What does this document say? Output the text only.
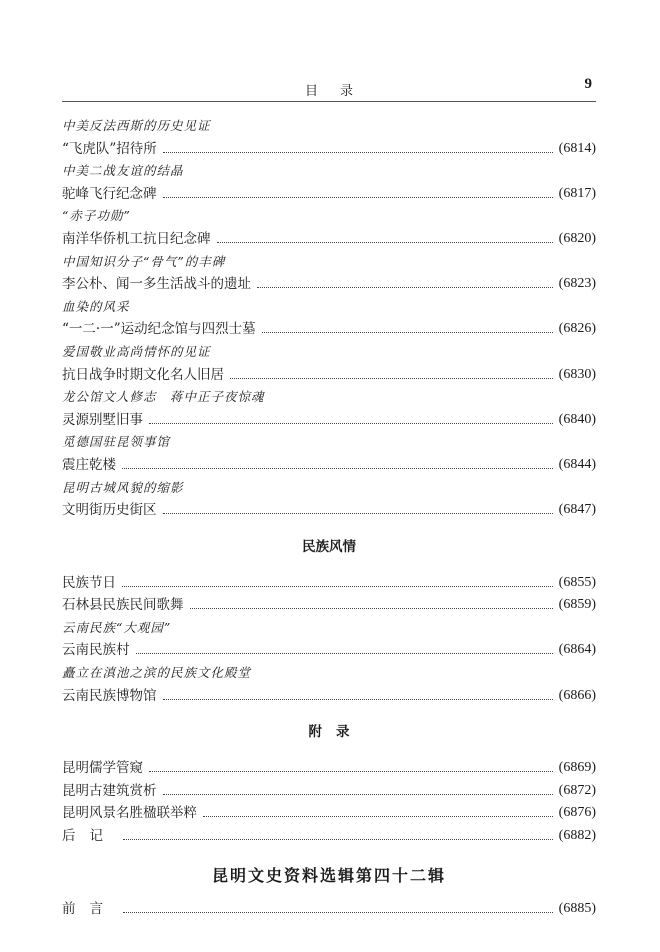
目录	9
中美反法西斯的历史见证
“飞虎队”招待所	(6814)
中美二战友谊的结晶
驼峰飞行纪念碑	(6817)
“赤子功勋”
南洋华侨机工抗日纪念碑	(6820)
中国知识分子“骨气”的丰碑
李公朴、闻一多生活战斗的遗址	(6823)
血染的风采
“一二·一”运动纪念馆与四烈士墓	(6826)
爱国敬业高尚情怀的见证
抗日战争时期文化名人旧居	(6830)
龙公馆文人修志　蒋中正子夜惊魂
灵源别墅旧事	(6840)
觅德国驻昆领事馆
震庄乾楼	(6844)
昆明古城风貌的缩影
文明街历史街区	(6847)
民族风情
民族节日	(6855)
石林县民族民间歌舞	(6859)
云南民族“大观园”
云南民族村	(6864)
矗立在滇池之滨的民族文化殿堂
云南民族博物馆	(6866)
附录
昆明儒学管窥	(6869)
昆明古建筑赏析	(6872)
昆明风景名胜楹联举粹	(6876)
后记	(6882)
昆明文史资料选辑第四十二辑
前言	(6885)
